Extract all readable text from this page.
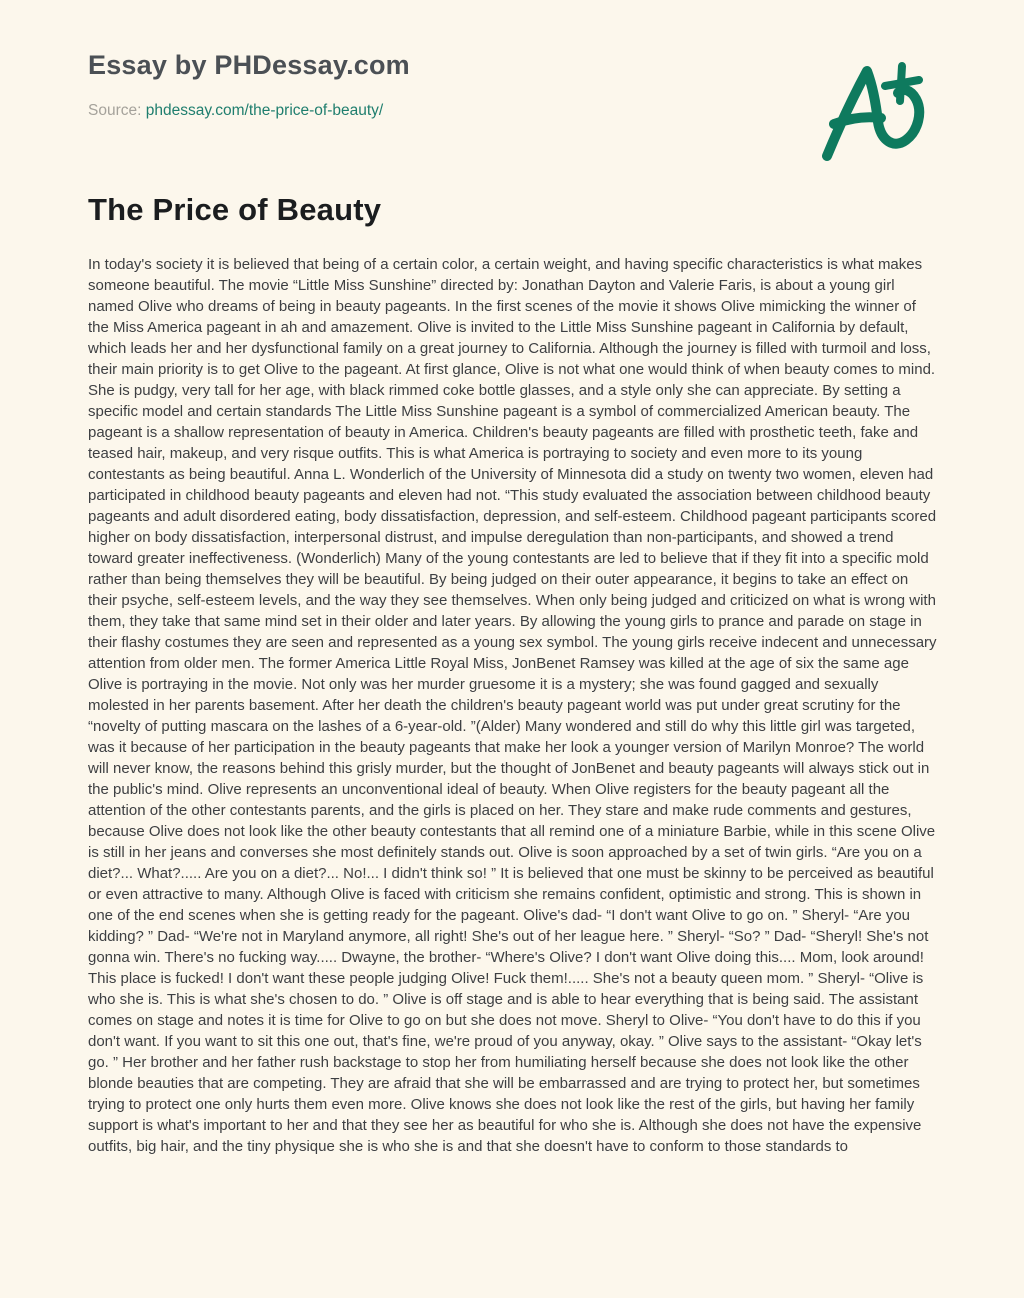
Essay by PHDessay.com
Source: phdessay.com/the-price-of-beauty/
The Price of Beauty
In today's society it is believed that being of a certain color, a certain weight, and having specific characteristics is what makes someone beautiful. The movie “Little Miss Sunshine” directed by: Jonathan Dayton and Valerie Faris, is about a young girl named Olive who dreams of being in beauty pageants. In the first scenes of the movie it shows Olive mimicking the winner of the Miss America pageant in ah and amazement. Olive is invited to the Little Miss Sunshine pageant in California by default, which leads her and her dysfunctional family on a great journey to California. Although the journey is filled with turmoil and loss, their main priority is to get Olive to the pageant. At first glance, Olive is not what one would think of when beauty comes to mind. She is pudgy, very tall for her age, with black rimmed coke bottle glasses, and a style only she can appreciate. By setting a specific model and certain standards The Little Miss Sunshine pageant is a symbol of commercialized American beauty. The pageant is a shallow representation of beauty in America. Children's beauty pageants are filled with prosthetic teeth, fake and teased hair, makeup, and very risque outfits. This is what America is portraying to society and even more to its young contestants as being beautiful. Anna L. Wonderlich of the University of Minnesota did a study on twenty two women, eleven had participated in childhood beauty pageants and eleven had not. “This study evaluated the association between childhood beauty pageants and adult disordered eating, body dissatisfaction, depression, and self-esteem. Childhood pageant participants scored higher on body dissatisfaction, interpersonal distrust, and impulse deregulation than non-participants, and showed a trend toward greater ineffectiveness. (Wonderlich) Many of the young contestants are led to believe that if they fit into a specific mold rather than being themselves they will be beautiful. By being judged on their outer appearance, it begins to take an effect on their psyche, self-esteem levels, and the way they see themselves. When only being judged and criticized on what is wrong with them, they take that same mind set in their older and later years. By allowing the young girls to prance and parade on stage in their flashy costumes they are seen and represented as a young sex symbol. The young girls receive indecent and unnecessary attention from older men. The former America Little Royal Miss, JonBenet Ramsey was killed at the age of six the same age Olive is portraying in the movie. Not only was her murder gruesome it is a mystery; she was found gagged and sexually molested in her parents basement. After her death the children's beauty pageant world was put under great scrutiny for the “novelty of putting mascara on the lashes of a 6-year-old. ”(Alder) Many wondered and still do why this little girl was targeted, was it because of her participation in the beauty pageants that make her look a younger version of Marilyn Monroe? The world will never know, the reasons behind this grisly murder, but the thought of JonBenet and beauty pageants will always stick out in the public's mind. Olive represents an unconventional ideal of beauty. When Olive registers for the beauty pageant all the attention of the other contestants parents, and the girls is placed on her. They stare and make rude comments and gestures, because Olive does not look like the other beauty contestants that all remind one of a miniature Barbie, while in this scene Olive is still in her jeans and converses she most definitely stands out. Olive is soon approached by a set of twin girls. “Are you on a diet?... What?..... Are you on a diet?... No!... I didn't think so! ” It is believed that one must be skinny to be perceived as beautiful or even attractive to many. Although Olive is faced with criticism she remains confident, optimistic and strong. This is shown in one of the end scenes when she is getting ready for the pageant. Olive's dad- “I don't want Olive to go on. ” Sheryl- “Are you kidding? ” Dad- “We're not in Maryland anymore, all right! She's out of her league here. ” Sheryl- “So? ” Dad- “Sheryl! She's not gonna win. There's no fucking way..... Dwayne, the brother- “Where's Olive? I don't want Olive doing this.... Mom, look around! This place is fucked! I don't want these people judging Olive! Fuck them!..... She's not a beauty queen mom. ” Sheryl- “Olive is who she is. This is what she's chosen to do. ” Olive is off stage and is able to hear everything that is being said. The assistant comes on stage and notes it is time for Olive to go on but she does not move. Sheryl to Olive- “You don't have to do this if you don't want. If you want to sit this one out, that's fine, we're proud of you anyway, okay. ” Olive says to the assistant- “Okay let's go. ” Her brother and her father rush backstage to stop her from humiliating herself because she does not look like the other blonde beauties that are competing. They are afraid that she will be embarrassed and are trying to protect her, but sometimes trying to protect one only hurts them even more. Olive knows she does not look like the rest of the girls, but having her family support is what's important to her and that they see her as beautiful for who she is. Although she does not have the expensive outfits, big hair, and the tiny physique she is who she is and that she doesn't have to conform to those standards to
